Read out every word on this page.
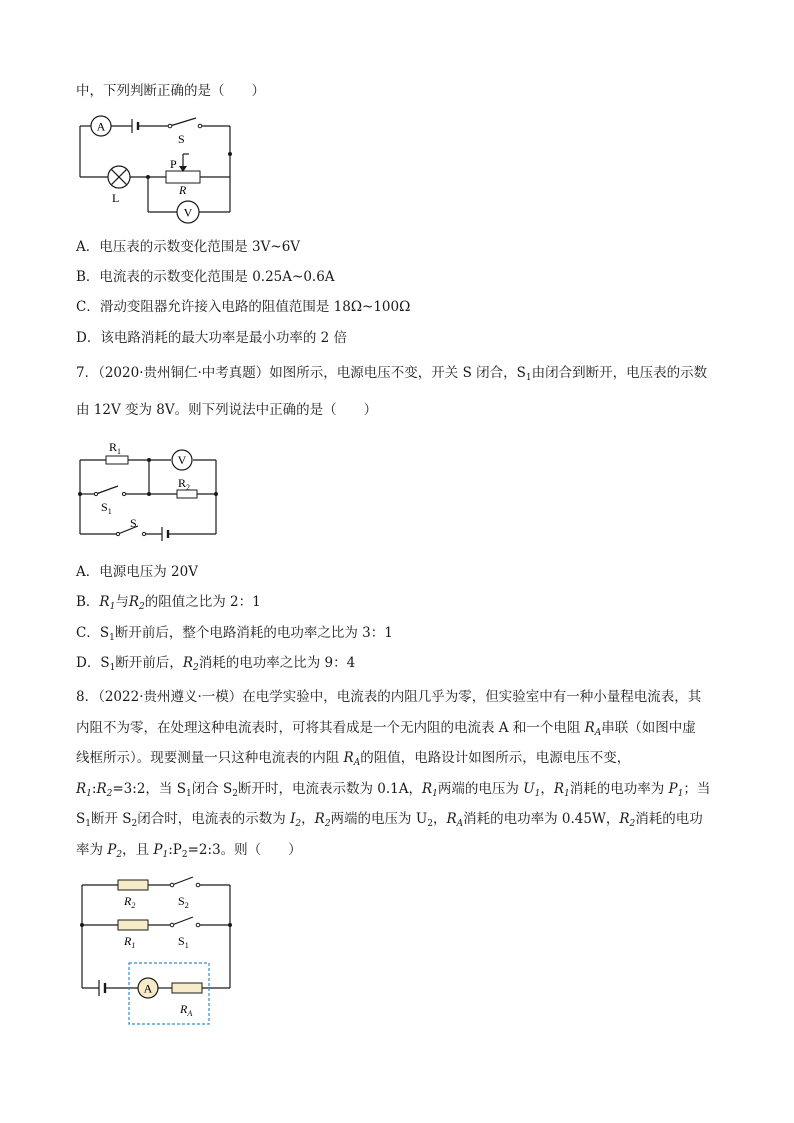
中，下列判断正确的是（　　）
A
V
S
P
R
L
A．电压表的示数变化范围是 3V~6V
B．电流表的示数变化范围是 0.25A~0.6A
C．滑动变阻器允许接入电路的阻值范围是 18Ω~100Ω
D．该电路消耗的最大功率是最小功率的 2 倍
7．（2020·贵州铜仁·中考真题）如图所示，电源电压不变，开关 S 闭合，$S_1$由闭合到断开，电压表的示数
由 12V 变为 8V。则下列说法中正确的是（　　）
V
$R_1$
$R_2$
$S_1$
S
A．电源电压为 20V
B．$R_1$与$R_2$的阻值之比为 2：1
C．$S_1$断开前后，整个电路消耗的电功率之比为 3：1
D．$S_1$断开前后，$R_2$消耗的电功率之比为 9：4
8．（2022·贵州遵义·一模）在电学实验中，电流表的内阻几乎为零，但实验室中有一种小量程电流表，其
内阻不为零，在处理这种电流表时，可将其看成是一个无内阻的电流表 A 和一个电阻 $R_A$串联（如图中虚
线框所示）。现要测量一只这种电流表的内阻 $R_A$的阻值，电路设计如图所示，电源电压不变，
$R_1:R_2=3:2$，当 $S_1$闭合 $S_2$断开时，电流表示数为 0.1A，$R_1$两端的电压为 $U_1$，$R_1$消耗的电功率为 $P_1$；当
$S_1$断开 $S_2$闭合时，电流表的示数为 $I_2$，$R_2$两端的电压为 $U_2$，$R_A$消耗的电功率为 0.45W，$R_2$消耗的电功
率为 $P_2$，且 $P_1:P_2=2:3$。则（　　）
A
$R_2$	$S_2$
$R_1$	$S_1$
$R_A$
